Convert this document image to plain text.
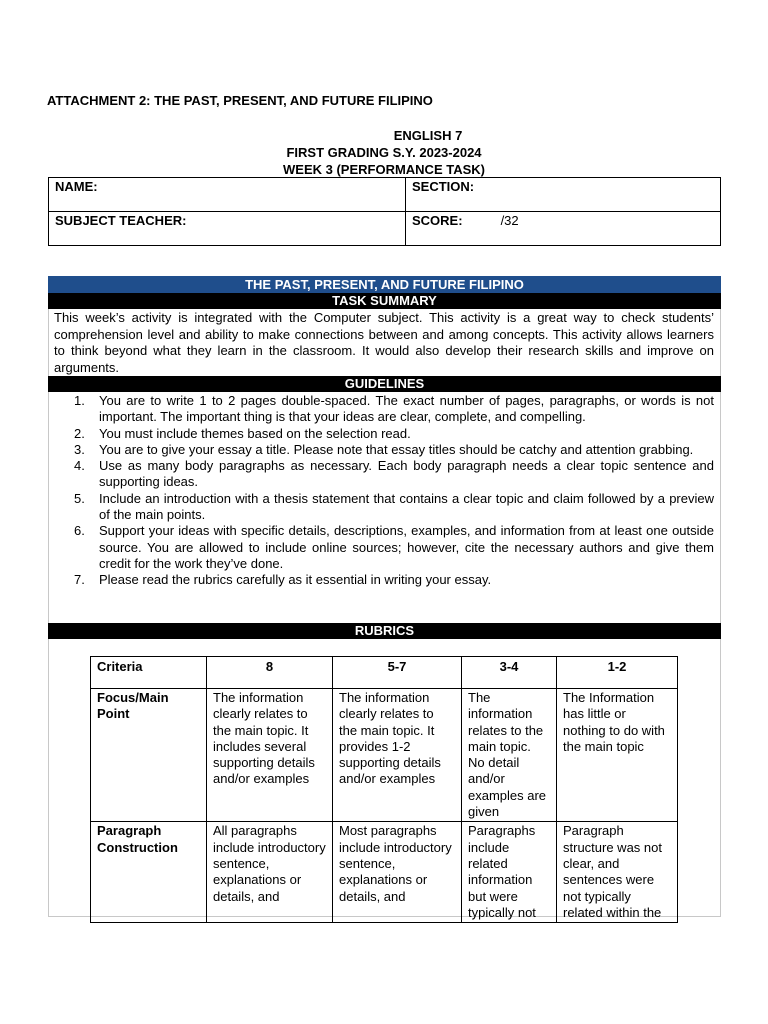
ATTACHMENT 2: THE PAST, PRESENT, AND FUTURE FILIPINO
ENGLISH 7
FIRST GRADING S.Y. 2023-2024
WEEK 3 (PERFORMANCE TASK)
NAME:	SECTION:
SUBJECT TEACHER:	SCORE: /32
THE PAST, PRESENT, AND FUTURE FILIPINO
TASK SUMMARY
This week’s activity is integrated with the Computer subject. This activity is a great way to check students’ comprehension level and ability to make connections between and among concepts. This activity allows learners to think beyond what they learn in the classroom. It would also develop their research skills and improve on arguments.
GUIDELINES
1. You are to write 1 to 2 pages double-spaced. The exact number of pages, paragraphs, or words is not important. The important thing is that your ideas are clear, complete, and compelling.
2. You must include themes based on the selection read.
3. You are to give your essay a title. Please note that essay titles should be catchy and attention grabbing.
4. Use as many body paragraphs as necessary. Each body paragraph needs a clear topic sentence and supporting ideas.
5. Include an introduction with a thesis statement that contains a clear topic and claim followed by a preview of the main points.
6. Support your ideas with specific details, descriptions, examples, and information from at least one outside source. You are allowed to include online sources; however, cite the necessary authors and give them credit for the work they’ve done.
7. Please read the rubrics carefully as it essential in writing your essay.
RUBRICS
Criteria	8	5-7	3-4	1-2
Focus/Main Point	The information clearly relates to the main topic. It includes several supporting details and/or examples	The information clearly relates to the main topic. It provides 1-2 supporting details and/or examples	The information relates to the main topic. No detail and/or examples are given	The Information has little or nothing to do with the main topic
Paragraph Construction	All paragraphs include introductory sentence, explanations or details, and	Most paragraphs include introductory sentence, explanations or details, and	Paragraphs include related information but were typically not	Paragraph structure was not clear, and sentences were not typically related within the
